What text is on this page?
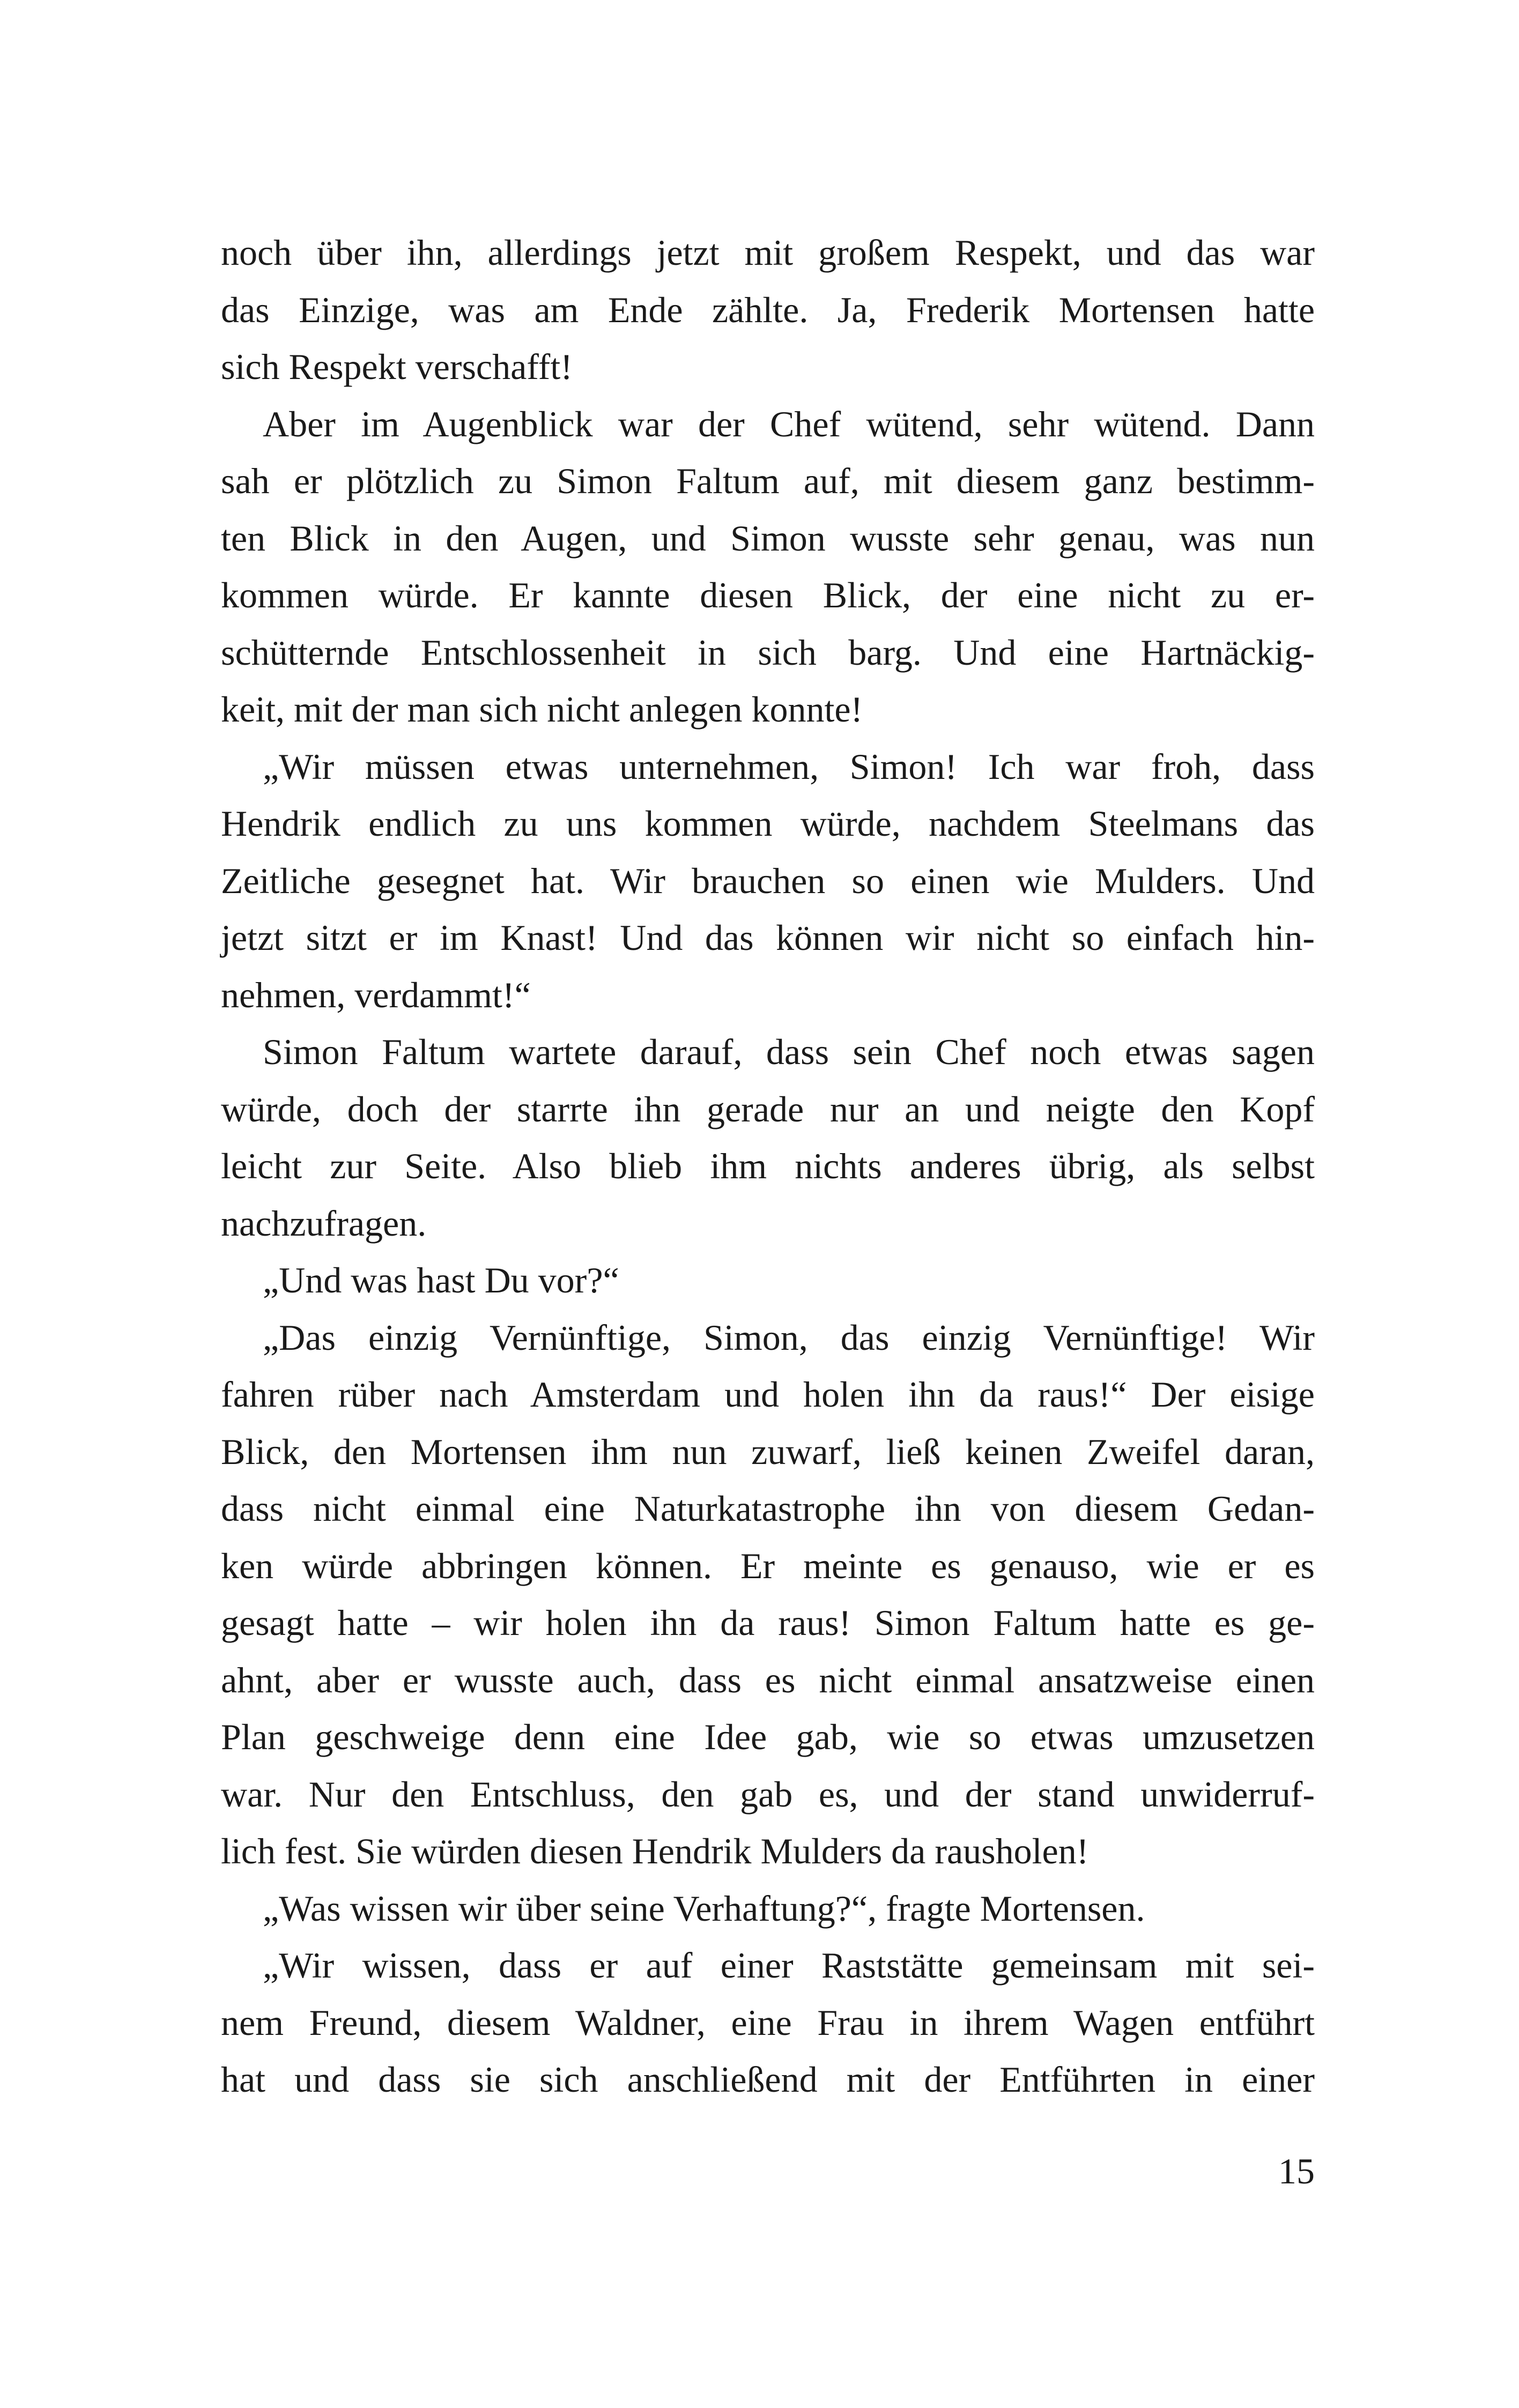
noch über ihn, allerdings jetzt mit großem Respekt, und das war
das Einzige, was am Ende zählte. Ja, Frederik Mortensen hatte
sich Respekt verschafft!
Aber im Augenblick war der Chef wütend, sehr wütend. Dann
sah er plötzlich zu Simon Faltum auf, mit diesem ganz bestimm-
ten Blick in den Augen, und Simon wusste sehr genau, was nun
kommen würde. Er kannte diesen Blick, der eine nicht zu er-
schütternde Entschlossenheit in sich barg. Und eine Hartnäckig-
keit, mit der man sich nicht anlegen konnte!
„Wir müssen etwas unternehmen, Simon! Ich war froh, dass
Hendrik endlich zu uns kommen würde, nachdem Steelmans das
Zeitliche gesegnet hat. Wir brauchen so einen wie Mulders. Und
jetzt sitzt er im Knast! Und das können wir nicht so einfach hin-
nehmen, verdammt!“
Simon Faltum wartete darauf, dass sein Chef noch etwas sagen
würde, doch der starrte ihn gerade nur an und neigte den Kopf
leicht zur Seite. Also blieb ihm nichts anderes übrig, als selbst
nachzufragen.
„Und was hast Du vor?“
„Das einzig Vernünftige, Simon, das einzig Vernünftige! Wir
fahren rüber nach Amsterdam und holen ihn da raus!“ Der eisige
Blick, den Mortensen ihm nun zuwarf, ließ keinen Zweifel daran,
dass nicht einmal eine Naturkatastrophe ihn von diesem Gedan-
ken würde abbringen können. Er meinte es genauso, wie er es
gesagt hatte – wir holen ihn da raus! Simon Faltum hatte es ge-
ahnt, aber er wusste auch, dass es nicht einmal ansatzweise einen
Plan geschweige denn eine Idee gab, wie so etwas umzusetzen
war. Nur den Entschluss, den gab es, und der stand unwiderruf-
lich fest. Sie würden diesen Hendrik Mulders da rausholen!
„Was wissen wir über seine Verhaftung?“, fragte Mortensen.
„Wir wissen, dass er auf einer Raststätte gemeinsam mit sei-
nem Freund, diesem Waldner, eine Frau in ihrem Wagen entführt
hat und dass sie sich anschließend mit der Entführten in einer
15
